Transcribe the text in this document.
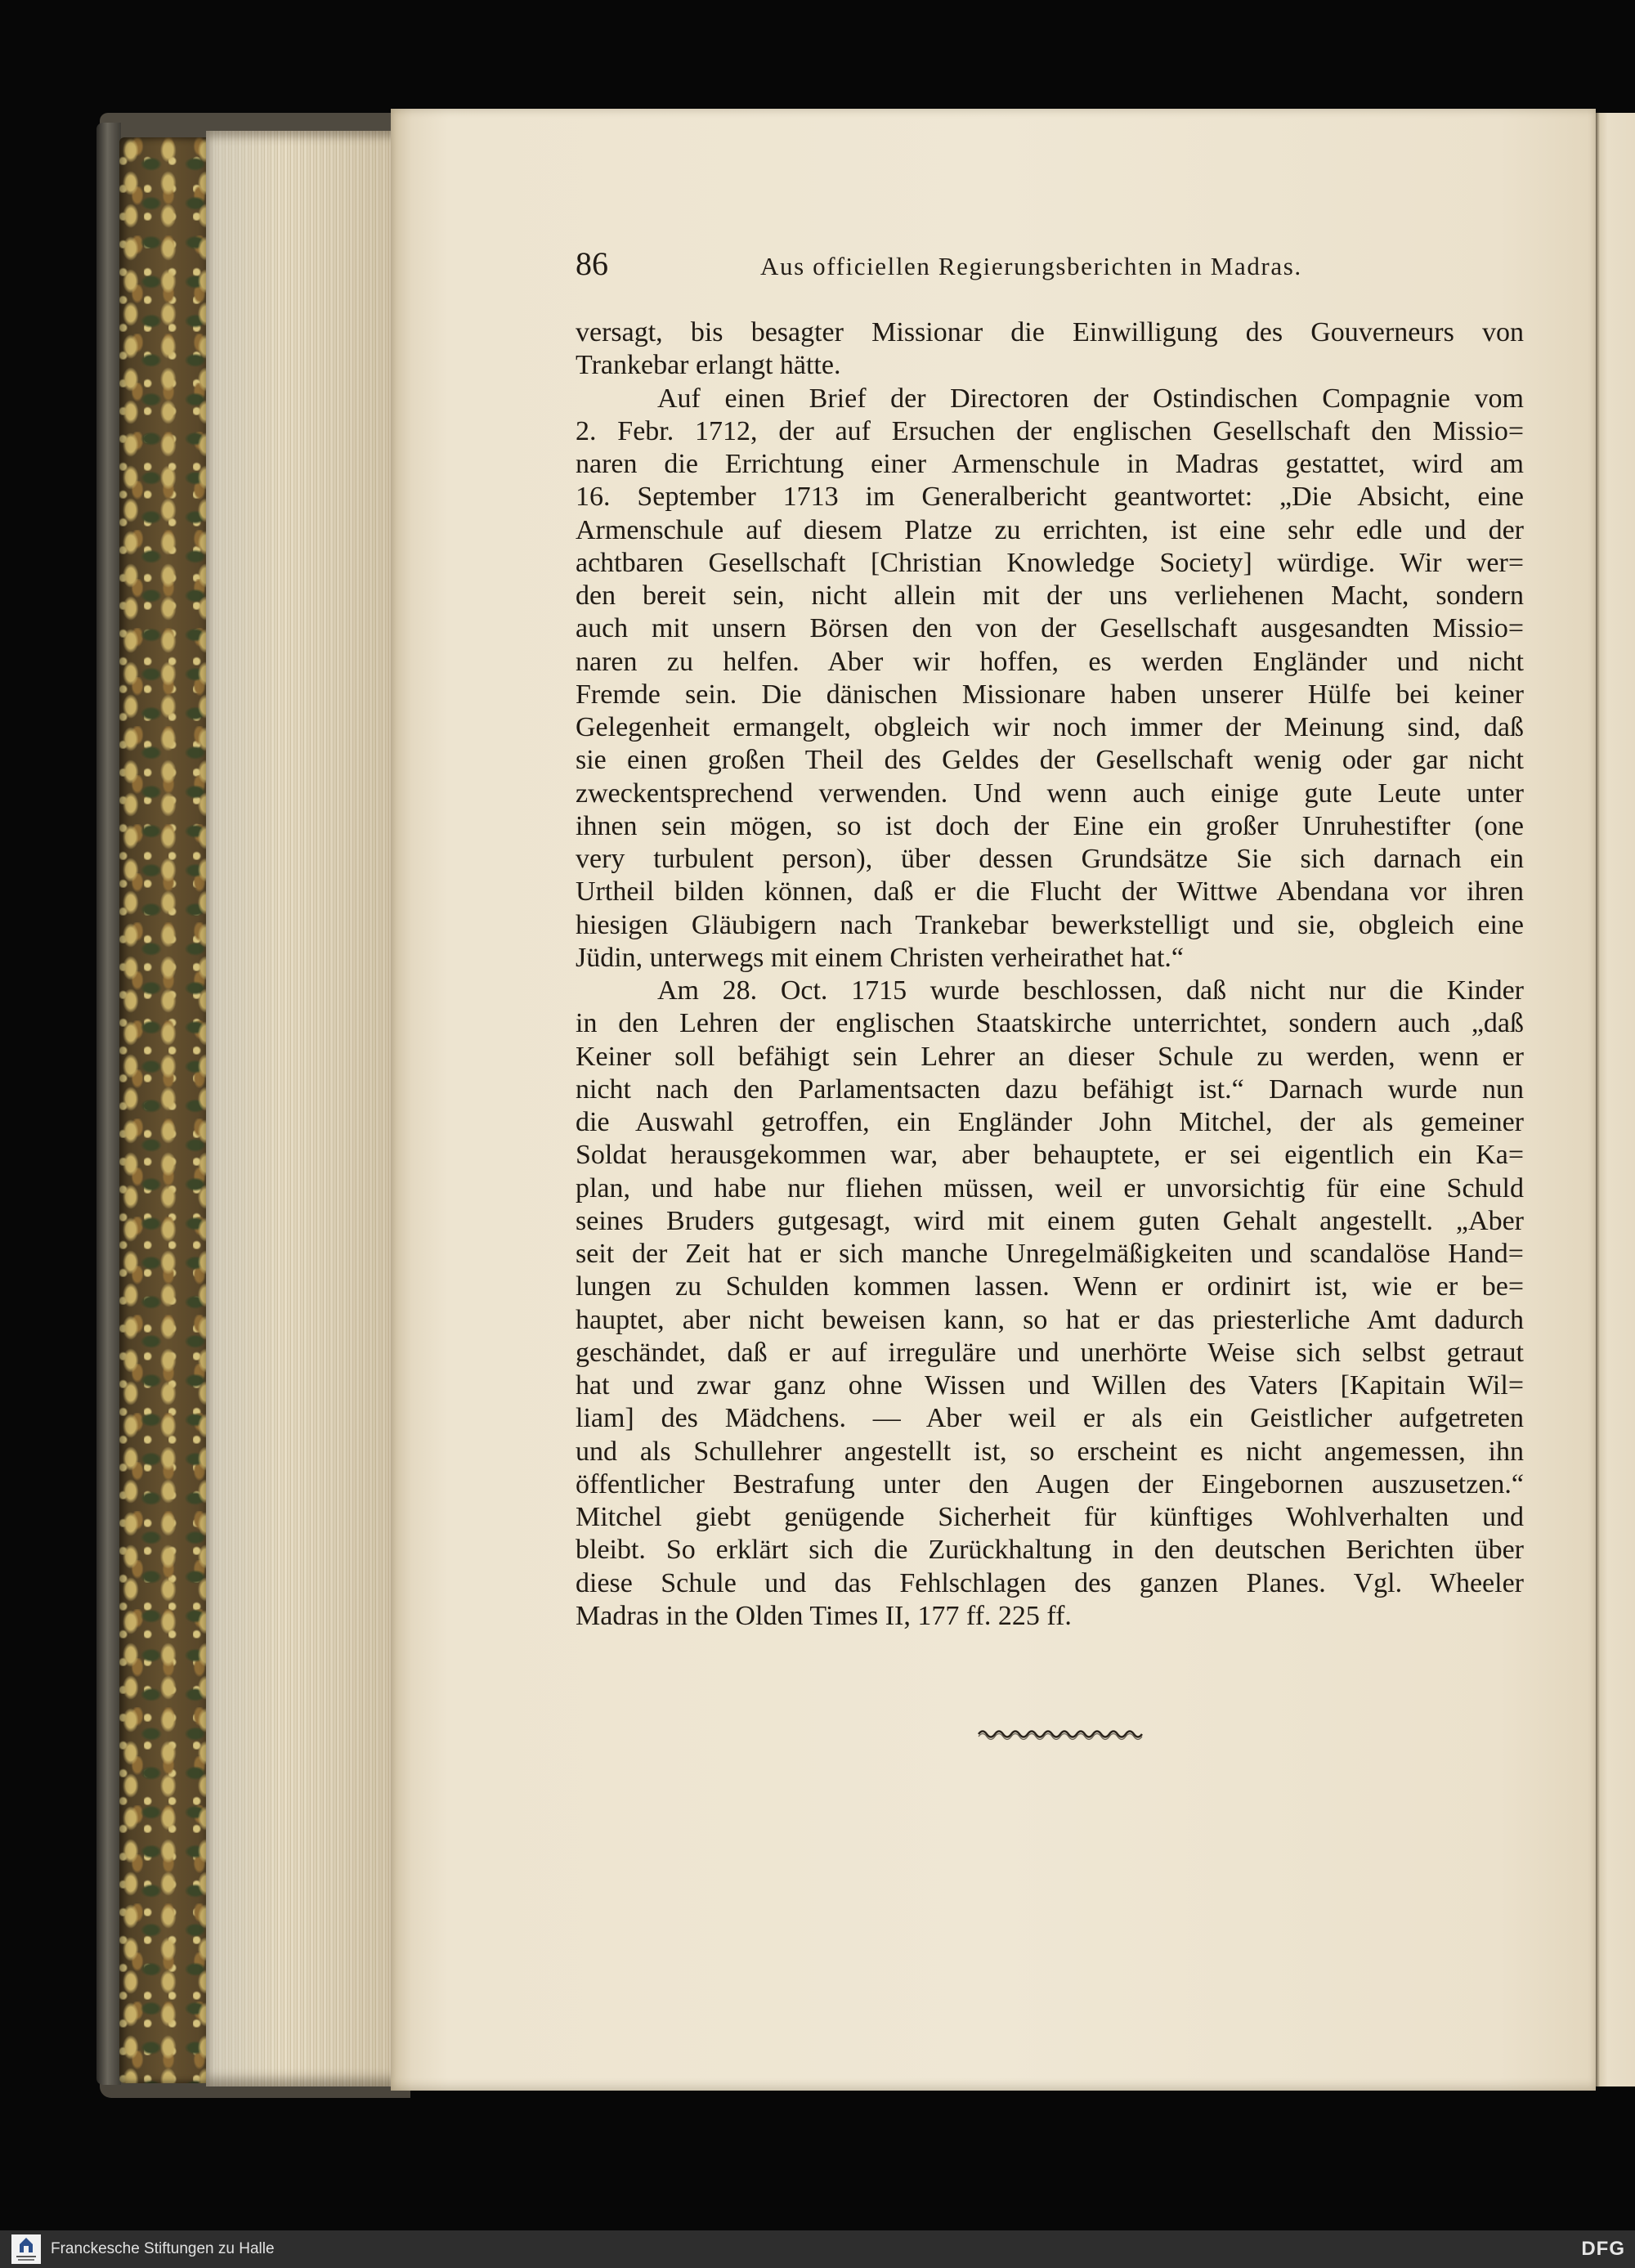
86	Aus officiellen Regierungsberichten in Madras.
versagt, bis besagter Missionar die Einwilligung des Gouverneurs von
Trankebar erlangt hätte.
Auf einen Brief der Directoren der Ostindischen Compagnie vom
2. Febr. 1712, der auf Ersuchen der englischen Gesellschaft den Missio=
naren die Errichtung einer Armenschule in Madras gestattet, wird am
16. September 1713 im Generalbericht geantwortet: „Die Absicht, eine
Armenschule auf diesem Platze zu errichten, ist eine sehr edle und der
achtbaren Gesellschaft [Christian Knowledge Society] würdige. Wir wer=
den bereit sein, nicht allein mit der uns verliehenen Macht, sondern
auch mit unsern Börsen den von der Gesellschaft ausgesandten Missio=
naren zu helfen. Aber wir hoffen, es werden Engländer und nicht
Fremde sein. Die dänischen Missionare haben unserer Hülfe bei keiner
Gelegenheit ermangelt, obgleich wir noch immer der Meinung sind, daß
sie einen großen Theil des Geldes der Gesellschaft wenig oder gar nicht
zweckentsprechend verwenden. Und wenn auch einige gute Leute unter
ihnen sein mögen, so ist doch der Eine ein großer Unruhestifter (one
very turbulent person), über dessen Grundsätze Sie sich darnach ein
Urtheil bilden können, daß er die Flucht der Wittwe Abendana vor ihren
hiesigen Gläubigern nach Trankebar bewerkstelligt und sie, obgleich eine
Jüdin, unterwegs mit einem Christen verheirathet hat.“
Am 28. Oct. 1715 wurde beschlossen, daß nicht nur die Kinder
in den Lehren der englischen Staatskirche unterrichtet, sondern auch „daß
Keiner soll befähigt sein Lehrer an dieser Schule zu werden, wenn er
nicht nach den Parlamentsacten dazu befähigt ist.“ Darnach wurde nun
die Auswahl getroffen, ein Engländer John Mitchel, der als gemeiner
Soldat herausgekommen war, aber behauptete, er sei eigentlich ein Ka=
plan, und habe nur fliehen müssen, weil er unvorsichtig für eine Schuld
seines Bruders gutgesagt, wird mit einem guten Gehalt angestellt. „Aber
seit der Zeit hat er sich manche Unregelmäßigkeiten und scandalöse Hand=
lungen zu Schulden kommen lassen. Wenn er ordinirt ist, wie er be=
hauptet, aber nicht beweisen kann, so hat er das priesterliche Amt dadurch
geschändet, daß er auf irreguläre und unerhörte Weise sich selbst getraut
hat und zwar ganz ohne Wissen und Willen des Vaters [Kapitain Wil=
liam] des Mädchens. — Aber weil er als ein Geistlicher aufgetreten
und als Schullehrer angestellt ist, so erscheint es nicht angemessen, ihn
öffentlicher Bestrafung unter den Augen der Eingebornen auszusetzen.“
Mitchel giebt genügende Sicherheit für künftiges Wohlverhalten und
bleibt. So erklärt sich die Zurückhaltung in den deutschen Berichten über
diese Schule und das Fehlschlagen des ganzen Planes. Vgl. Wheeler
Madras in the Olden Times II, 177 ff. 225 ff.
Franckesche Stiftungen zu Halle	DFG
